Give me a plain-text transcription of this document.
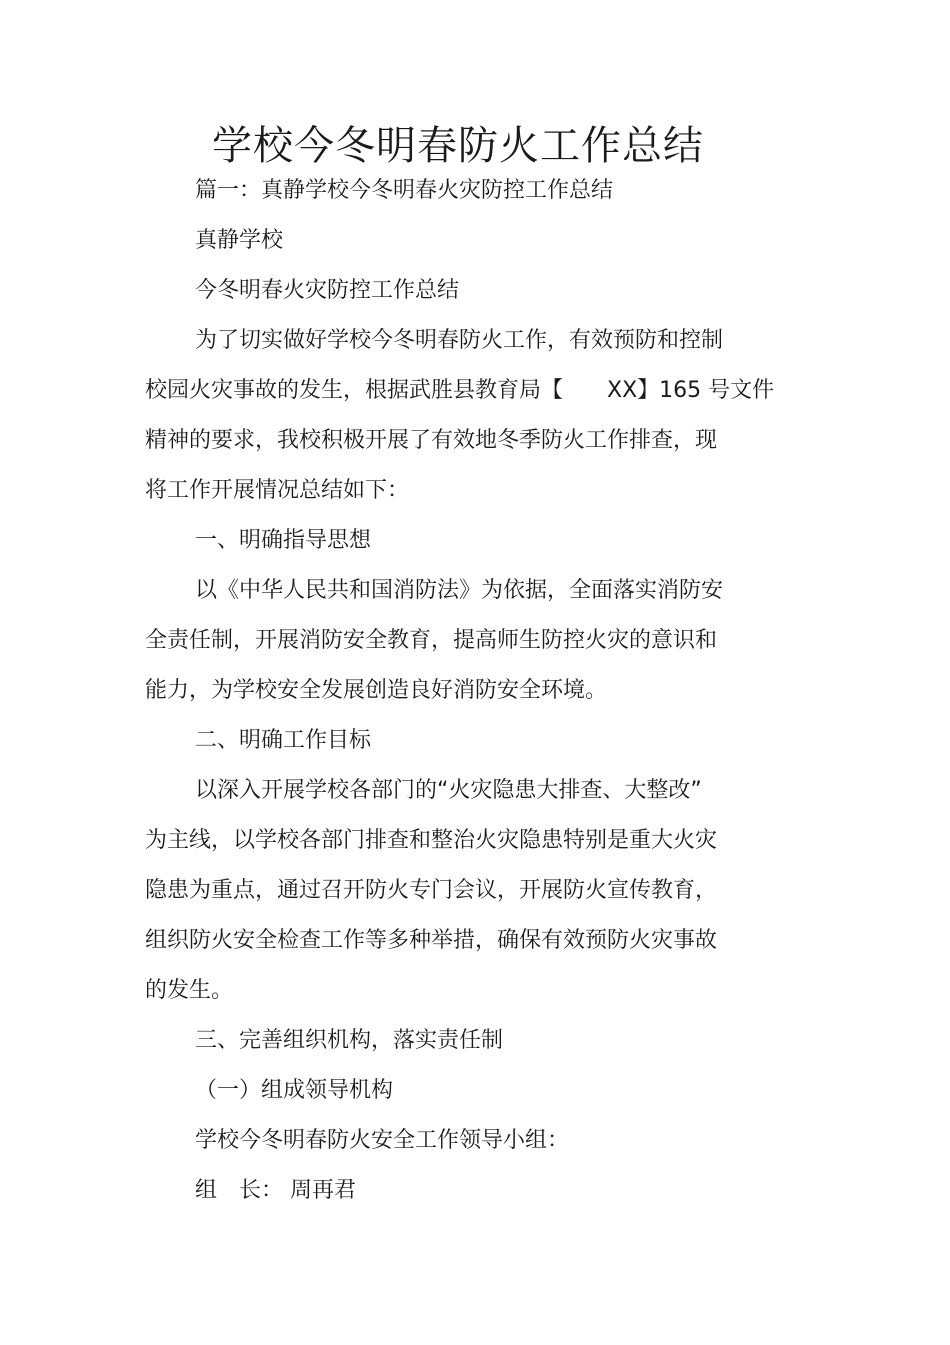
学校今冬明春防火工作总结

篇一：真静学校今冬明春火灾防控工作总结

真静学校

今冬明春火灾防控工作总结

为了切实做好学校今冬明春防火工作，有效预防和控制

校园火灾事故的发生，根据武胜县教育局【　　XX】165 号文件

精神的要求，我校积极开展了有效地冬季防火工作排查，现

将工作开展情况总结如下：

一、明确指导思想

以《中华人民共和国消防法》为依据，全面落实消防安

全责任制，开展消防安全教育，提高师生防控火灾的意识和

能力，为学校安全发展创造良好消防安全环境。

二、明确工作目标

以深入开展学校各部门的“火灾隐患大排查、大整改”

为主线，以学校各部门排查和整治火灾隐患特别是重大火灾

隐患为重点，通过召开防火专门会议，开展防火宣传教育，

组织防火安全检查工作等多种举措，确保有效预防火灾事故

的发生。

三、完善组织机构，落实责任制

（一）组成领导机构

学校今冬明春防火安全工作领导小组：

组　长： 周再君
